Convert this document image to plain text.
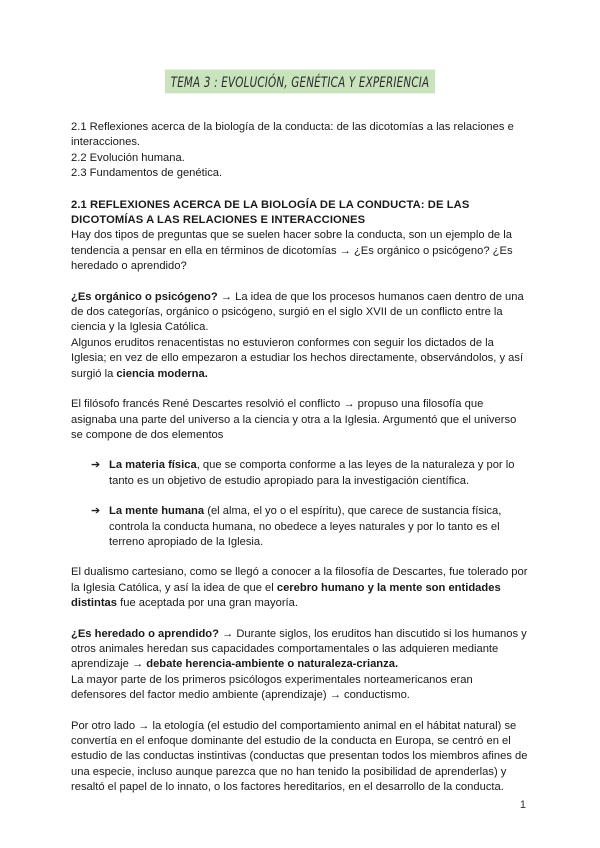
TEMA 3 : EVOLUCIÓN, GENÉTICA Y EXPERIENCIA

2.1 Reflexiones acerca de la biología de la conducta: de las dicotomías a las relaciones e interacciones.

2.2 Evolución humana.

2.3 Fundamentos de genética.

2.1 REFLEXIONES ACERCA DE LA BIOLOGÍA DE LA CONDUCTA: DE LAS DICOTOMÍAS A LAS RELACIONES E INTERACCIONES

Hay dos tipos de preguntas que se suelen hacer sobre la conducta, son un ejemplo de la tendencia a pensar en ella en términos de dicotomías → ¿Es orgánico o psicógeno? ¿Es heredado o aprendido?

¿Es orgánico o psicógeno? → La idea de que los procesos humanos caen dentro de una de dos categorías, orgánico o psicógeno, surgió en el siglo XVII de un conflicto entre la ciencia y la Iglesia Católica.

Algunos eruditos renacentistas no estuvieron conformes con seguir los dictados de la Iglesia; en vez de ello empezaron a estudiar los hechos directamente, observándolos, y así surgió la ciencia moderna.

El filósofo francés René Descartes resolvió el conflicto → propuso una filosofía que asignaba una parte del universo a la ciencia y otra a la Iglesia. Argumentó que el universo se compone de dos elementos

➔ La materia física, que se comporta conforme a las leyes de la naturaleza y por lo tanto es un objetivo de estudio apropiado para la investigación científica.
➔ La mente humana (el alma, el yo o el espíritu), que carece de sustancia física, controla la conducta humana, no obedece a leyes naturales y por lo tanto es el terreno apropiado de la Iglesia.

El dualismo cartesiano, como se llegó a conocer a la filosofía de Descartes, fue tolerado por la Iglesia Católica, y así la idea de que el cerebro humano y la mente son entidades distintas fue aceptada por una gran mayoría.

¿Es heredado o aprendido? → Durante siglos, los eruditos han discutido si los humanos y otros animales heredan sus capacidades comportamentales o las adquieren mediante aprendizaje → debate herencia-ambiente o naturaleza-crianza.

La mayor parte de los primeros psicólogos experimentales norteamericanos eran defensores del factor medio ambiente (aprendizaje) → conductismo.

Por otro lado → la etología (el estudio del comportamiento animal en el hábitat natural) se convertía en el enfoque dominante del estudio de la conducta en Europa, se centró en el estudio de las conductas instintivas (conductas que presentan todos los miembros afines de una especie, incluso aunque parezca que no han tenido la posibilidad de aprenderlas) y resaltó el papel de lo innato, o los factores hereditarios, en el desarrollo de la conducta.

1
